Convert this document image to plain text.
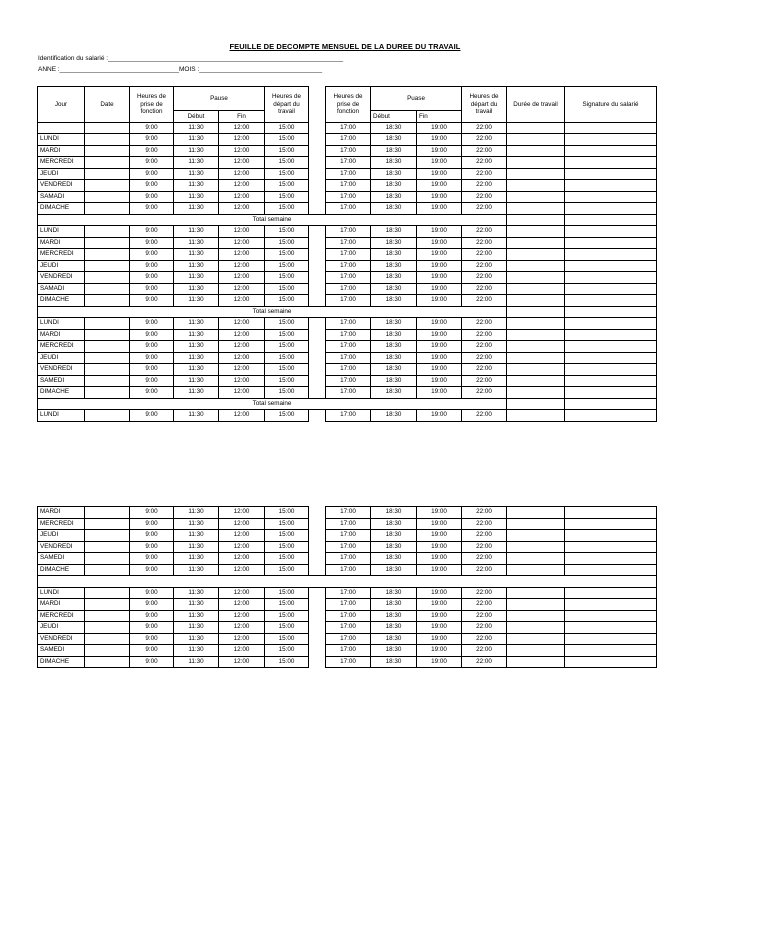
FEUILLE DE DECOMPTE MENSUEL DE LA DUREE DU TRAVAIL
Identification du salarié :_________________________________________________________________
ANNE :_________________________________MOIS :__________________________________
Jour	Date	Heures de prise de fonction	Pause		Heures de départ du travail		Heures de prise de fonction	Puase		Heures de départ du travail	Durée de travail	Signature du salarié
			Début	Fin				Début	Fin			
		9:00	11:30	12:00	15:00		17:00	18:30	19:00	22:00		
LUNDI		9:00	11:30	12:00	15:00		17:00	18:30	19:00	22:00		
MARDI		9:00	11:30	12:00	15:00		17:00	18:30	19:00	22:00		
MERCREDI		9:00	11:30	12:00	15:00		17:00	18:30	19:00	22:00		
JEUDI		9:00	11:30	12:00	15:00		17:00	18:30	19:00	22:00		
VENDREDI		9:00	11:30	12:00	15:00		17:00	18:30	19:00	22:00		
SAMADI		9:00	11:30	12:00	15:00		17:00	18:30	19:00	22:00		
DIMACHE		9:00	11:30	12:00	15:00		17:00	18:30	19:00	22:00		
Total semaine												
LUNDI		9:00	11:30	12:00	15:00		17:00	18:30	19:00	22:00		
MARDI		9:00	11:30	12:00	15:00		17:00	18:30	19:00	22:00		
MERCREDI		9:00	11:30	12:00	15:00		17:00	18:30	19:00	22:00		
JEUDI		9:00	11:30	12:00	15:00		17:00	18:30	19:00	22:00		
VENDREDI		9:00	11:30	12:00	15:00		17:00	18:30	19:00	22:00		
SAMADI		9:00	11:30	12:00	15:00		17:00	18:30	19:00	22:00		
DIMACHE		9:00	11:30	12:00	15:00		17:00	18:30	19:00	22:00		
Total semaine												
LUNDI		9:00	11:30	12:00	15:00		17:00	18:30	19:00	22:00		
MARDI		9:00	11:30	12:00	15:00		17:00	18:30	19:00	22:00		
MERCREDI		9:00	11:30	12:00	15:00		17:00	18:30	19:00	22:00		
JEUDI		9:00	11:30	12:00	15:00		17:00	18:30	19:00	22:00		
VENDREDI		9:00	11:30	12:00	15:00		17:00	18:30	19:00	22:00		
SAMEDI		9:00	11:30	12:00	15:00		17:00	18:30	19:00	22:00		
DIMACHE		9:00	11:30	12:00	15:00		17:00	18:30	19:00	22:00		
Total semaine												
LUNDI		9:00	11:30	12:00	15:00		17:00	18:30	19:00	22:00		
MARDI		9:00	11:30	12:00	15:00		17:00	18:30	19:00	22:00		
MERCREDI		9:00	11:30	12:00	15:00		17:00	18:30	19:00	22:00		
JEUDI		9:00	11:30	12:00	15:00		17:00	18:30	19:00	22:00		
VENDREDI		9:00	11:30	12:00	15:00		17:00	18:30	19:00	22:00		
SAMEDI		9:00	11:30	12:00	15:00		17:00	18:30	19:00	22:00		
DIMACHE		9:00	11:30	12:00	15:00		17:00	18:30	19:00	22:00		

LUNDI		9:00	11:30	12:00	15:00		17:00	18:30	19:00	22:00		
MARDI		9:00	11:30	12:00	15:00		17:00	18:30	19:00	22:00		
MERCREDI		9:00	11:30	12:00	15:00		17:00	18:30	19:00	22:00		
JEUDI		9:00	11:30	12:00	15:00		17:00	18:30	19:00	22:00		
VENDREDI		9:00	11:30	12:00	15:00		17:00	18:30	19:00	22:00		
SAMEDI		9:00	11:30	12:00	15:00		17:00	18:30	19:00	22:00		
DIMACHE		9:00	11:30	12:00	15:00		17:00	18:30	19:00	22:00		
